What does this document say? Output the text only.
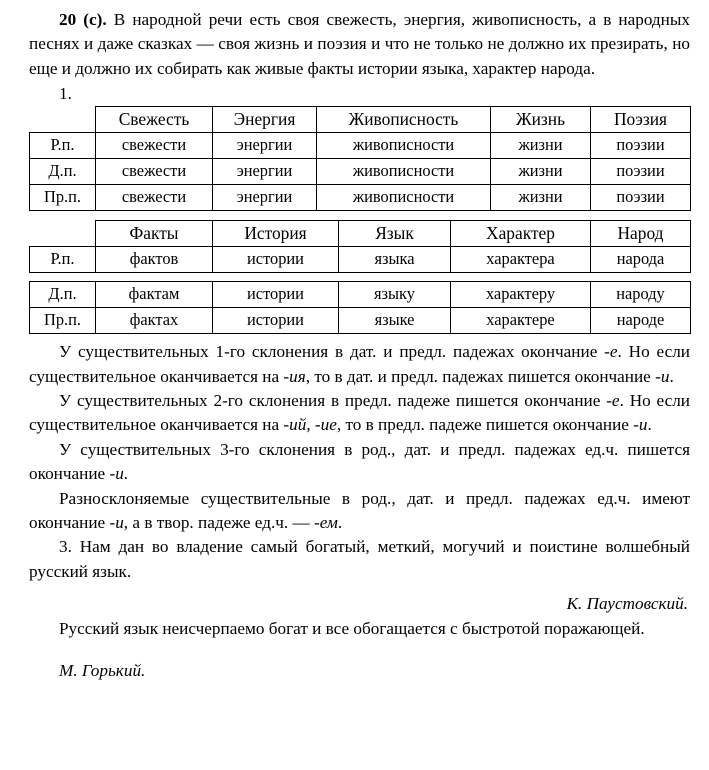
20 (с). В народной речи есть своя свежесть, энергия, живописность, а в народных песнях и даже сказках — своя жизнь и поэзия и что не только не должно их презирать, но еще и должно их собирать как живые факты истории языка, характер народа.

1.
	Свежесть	Энергия	Живописность	Жизнь	Поэзия
Р.п.	свежести	энергии	живописности	жизни	поэзии
Д.п.	свежести	энергии	живописности	жизни	поэзии
Пр.п.	свежести	энергии	живописности	жизни	поэзии
	Факты	История	Язык	Характер	Народ
Р.п.	фактов	истории	языка	характера	народа
Д.п.	фактам	истории	языку	характеру	народу
Пр.п.	фактах	истории	языке	характере	народе

У существительных 1-го склонения в дат. и предл. падежах окончание -е. Но если существительное оканчивается на -ия, то в дат. и предл. падежах пишется окончание -и.

У существительных 2-го склонения в предл. падеже пишется окончание -е. Но если существительное оканчивается на -ий, -ие, то в предл. падеже пишется окончание -и.

У существительных 3-го склонения в род., дат. и предл. падежах ед.ч. пишется окончание -и.

Разносклоняемые существительные в род., дат. и предл. падежах ед.ч. имеют окончание -и, а в твор. падеже ед.ч. — -ем.

3. Нам дан во владение самый богатый, меткий, могучий и поистине волшебный русский язык.

К. Паустовский.

Русский язык неисчерпаемо богат и все обогащается с быстротой поражающей.

М. Горький.
